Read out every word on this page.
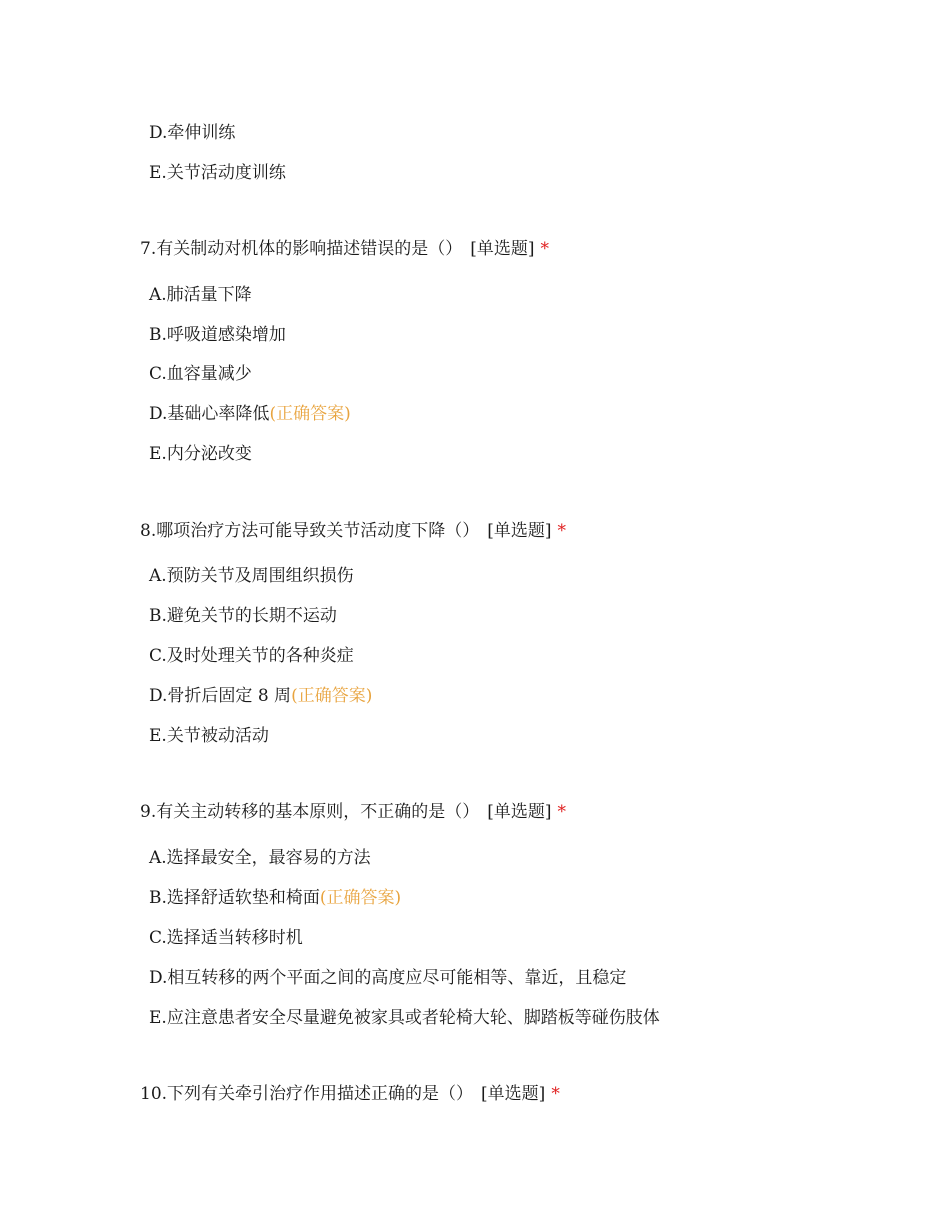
D.牵伸训练
E.关节活动度训练
7.有关制动对机体的影响描述错误的是（） [单选题] *
A.肺活量下降
B.呼吸道感染增加
C.血容量减少
D.基础心率降低(正确答案)
E.内分泌改变
8.哪项治疗方法可能导致关节活动度下降（） [单选题] *
A.预防关节及周围组织损伤
B.避免关节的长期不运动
C.及时处理关节的各种炎症
D.骨折后固定 8 周(正确答案)
E.关节被动活动
9.有关主动转移的基本原则，不正确的是（） [单选题] *
A.选择最安全，最容易的方法
B.选择舒适软垫和椅面(正确答案)
C.选择适当转移时机
D.相互转移的两个平面之间的高度应尽可能相等、靠近，且稳定
E.应注意患者安全尽量避免被家具或者轮椅大轮、脚踏板等碰伤肢体
10.下列有关牵引治疗作用描述正确的是（） [单选题] *
